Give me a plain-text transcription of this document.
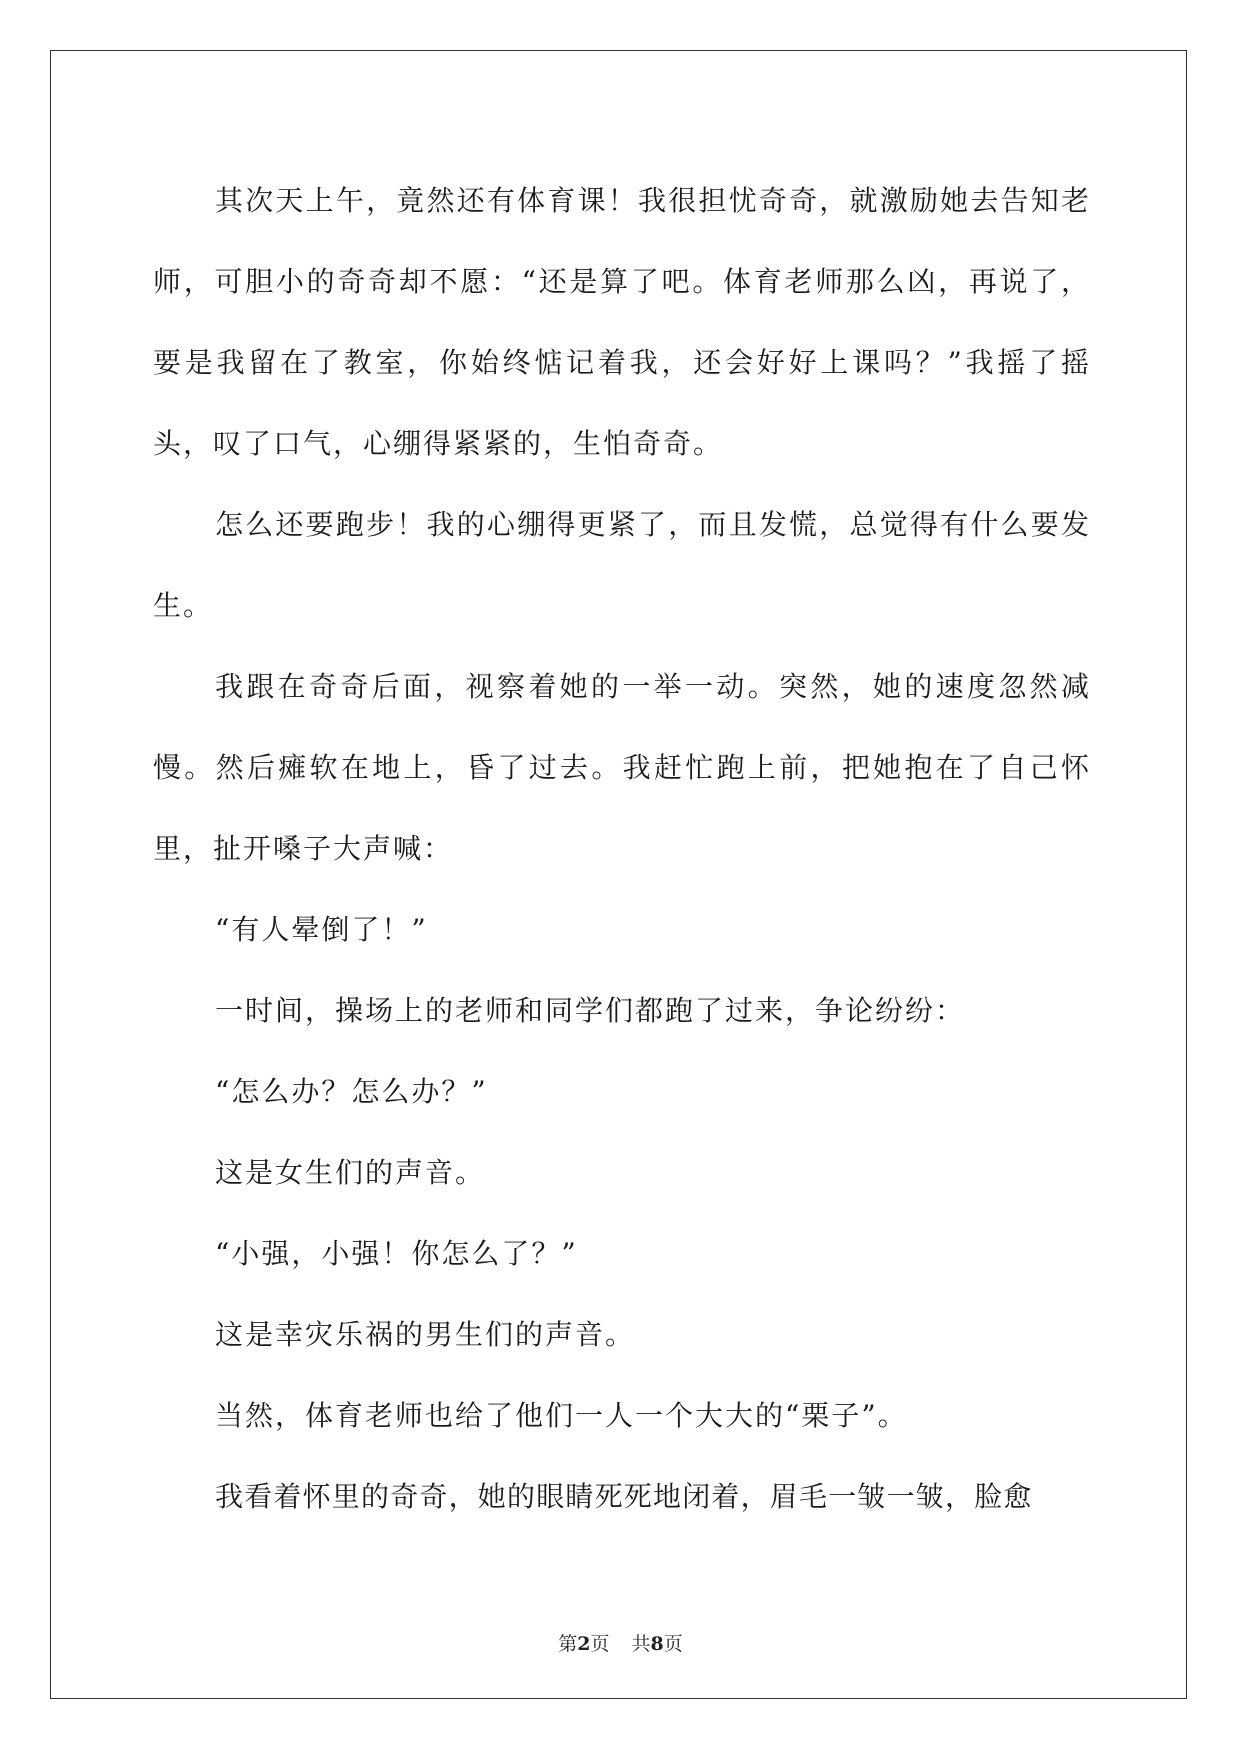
其次天上午，竟然还有体育课！我很担忧奇奇，就激励她去告知老师，可胆小的奇奇却不愿：“还是算了吧。体育老师那么凶，再说了，要是我留在了教室，你始终惦记着我，还会好好上课吗？”我摇了摇头，叹了口气，心绷得紧紧的，生怕奇奇。

怎么还要跑步！我的心绷得更紧了，而且发慌，总觉得有什么要发生。

我跟在奇奇后面，视察着她的一举一动。突然，她的速度忽然减慢。然后瘫软在地上，昏了过去。我赶忙跑上前，把她抱在了自己怀里，扯开嗓子大声喊：

“有人晕倒了！”

一时间，操场上的老师和同学们都跑了过来，争论纷纷：

“怎么办？怎么办？”

这是女生们的声音。

“小强，小强！你怎么了？”

这是幸灾乐祸的男生们的声音。

当然，体育老师也给了他们一人一个大大的“栗子”。

我看着怀里的奇奇，她的眼睛死死地闭着，眉毛一皱一皱，脸愈

第2页 共8页
